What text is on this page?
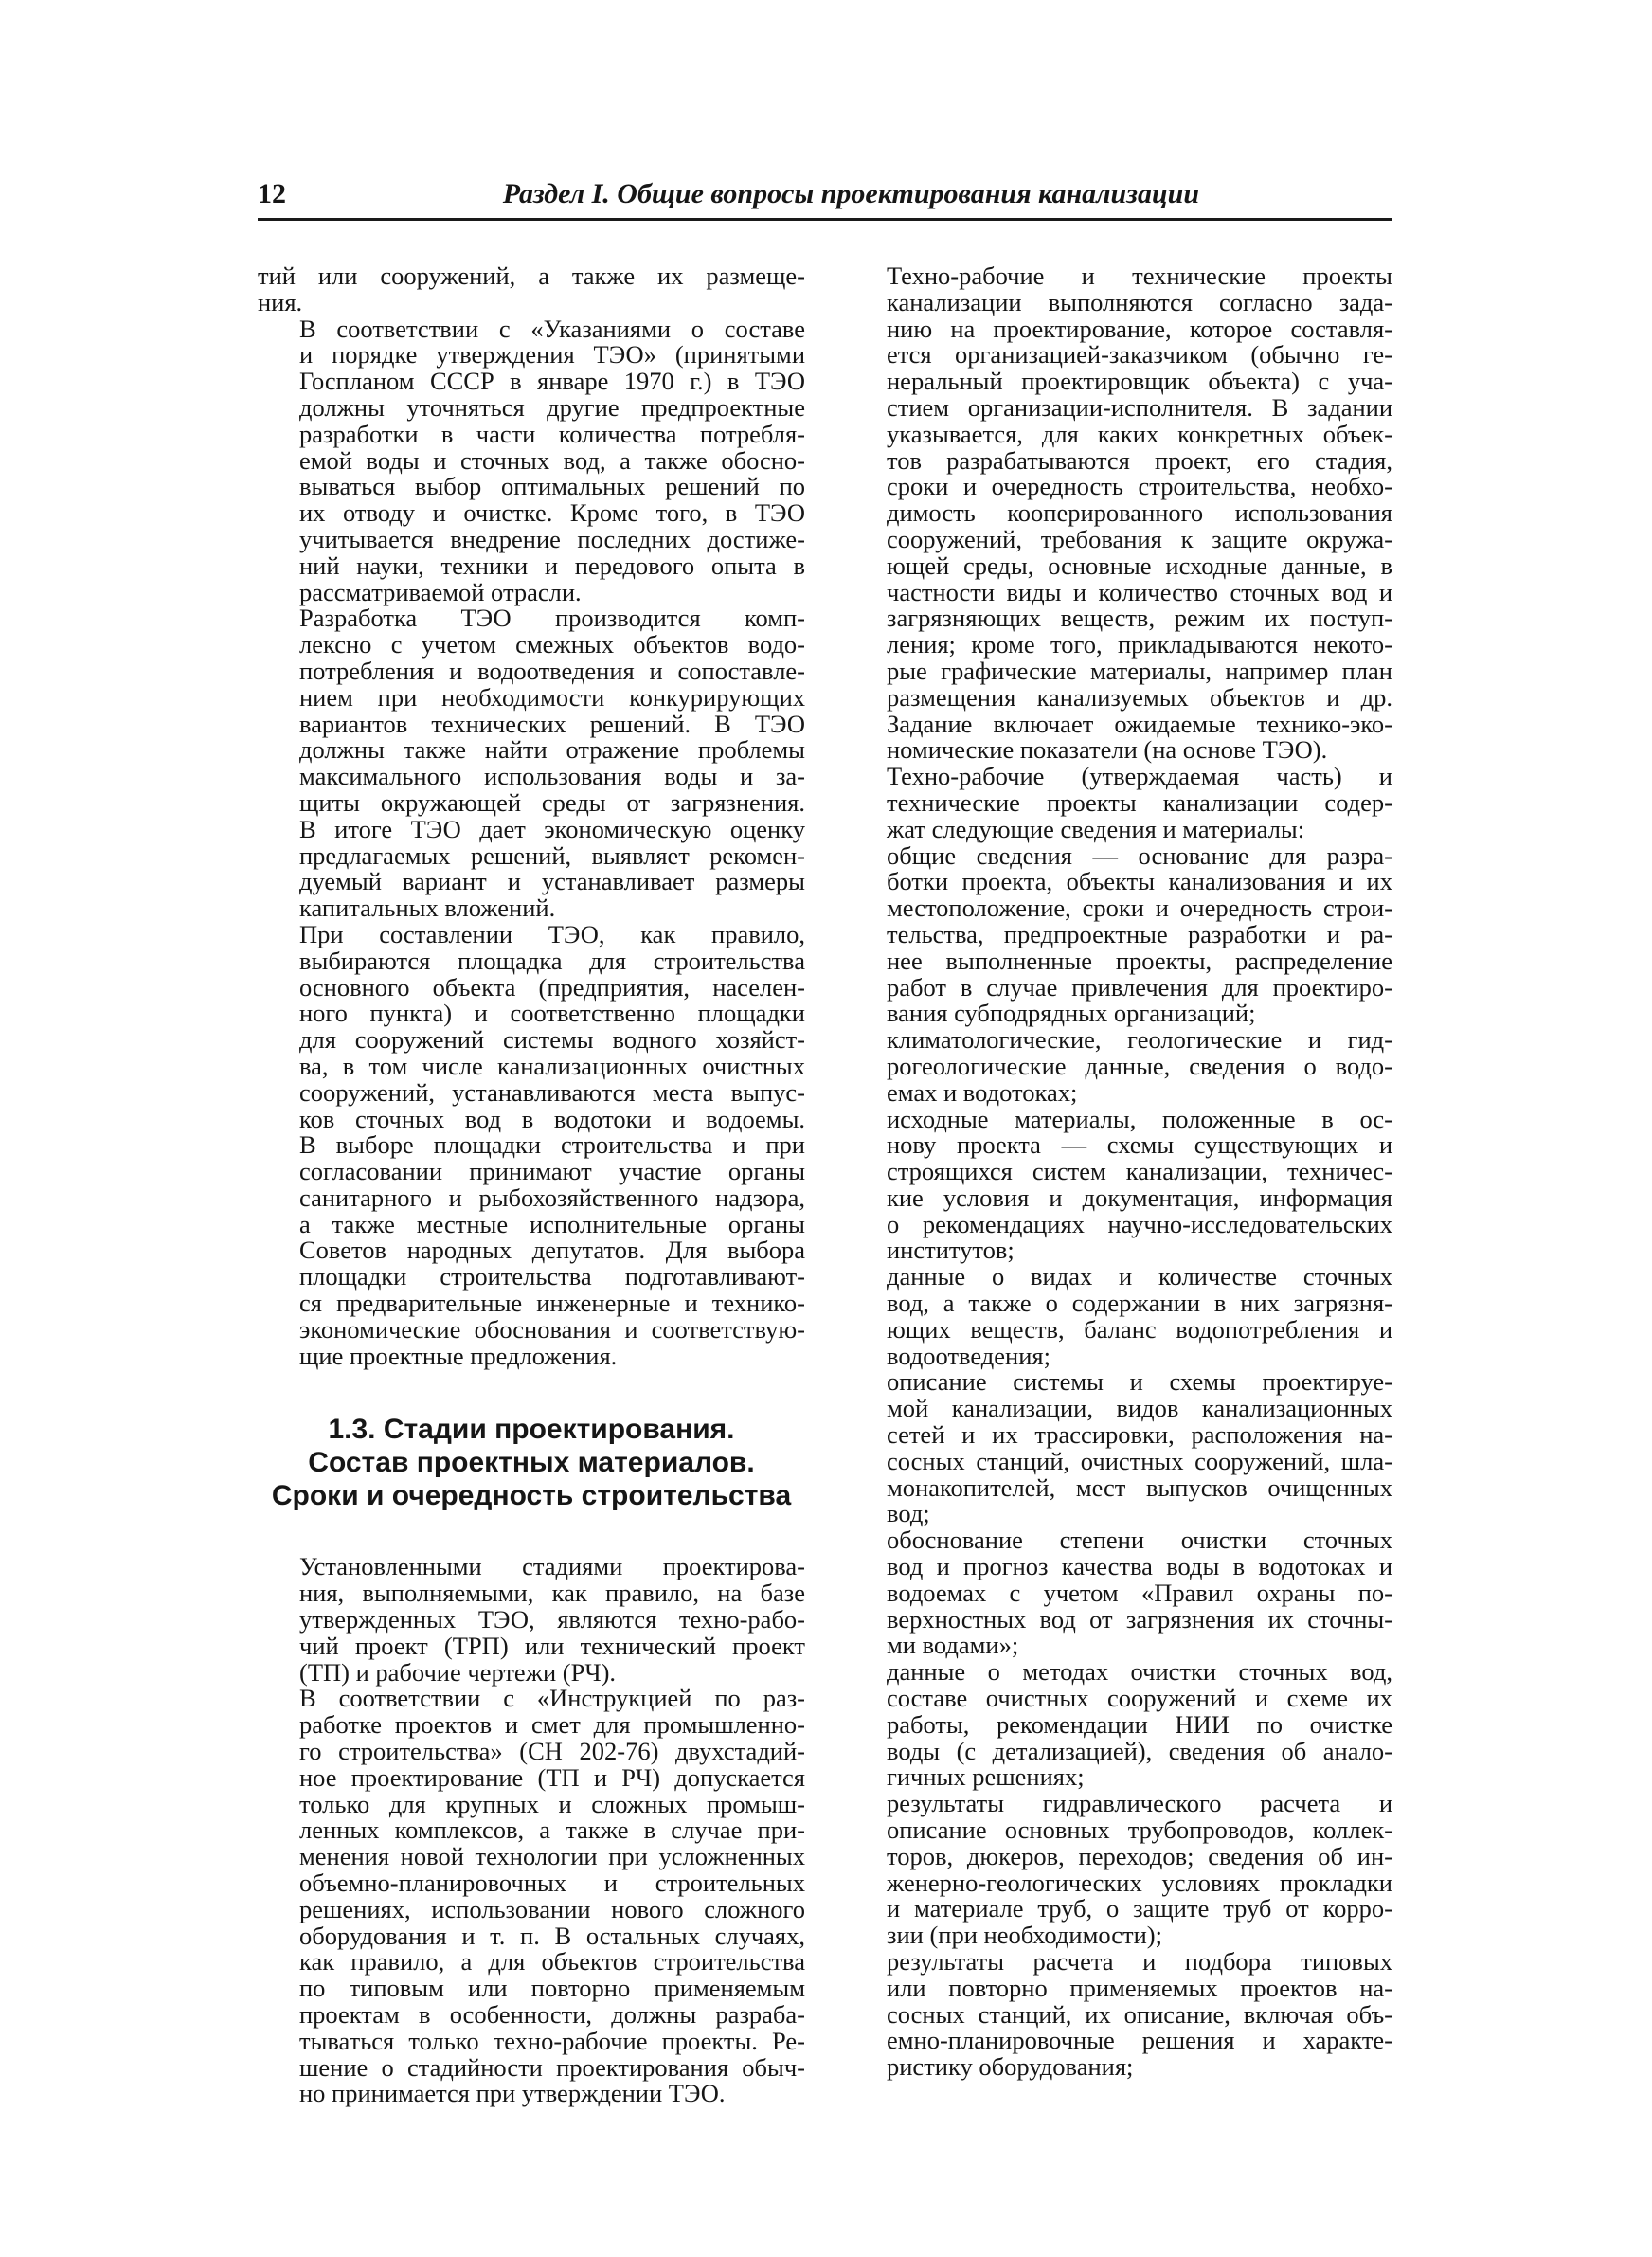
12	Раздел I. Общие вопросы проектирования канализации

тий или сооружений, а также их размеще-
ния.

В соответствии с «Указаниями о составе
и порядке утверждения ТЭО» (принятыми
Госпланом СССР в январе 1970 г.) в ТЭО
должны уточняться другие предпроектные
разработки в части количества потребля-
емой воды и сточных вод, а также обосно-
вываться выбор оптимальных решений по
их отводу и очистке. Кроме того, в ТЭО
учитывается внедрение последних достиже-
ний науки, техники и передового опыта в
рассматриваемой отрасли.

Разработка ТЭО производится комп-
лексно с учетом смежных объектов водо-
потребления и водоотведения и сопоставле-
нием при необходимости конкурирующих
вариантов технических решений. В ТЭО
должны также найти отражение проблемы
максимального использования воды и за-
щиты окружающей среды от загрязнения.
В итоге ТЭО дает экономическую оценку
предлагаемых решений, выявляет рекомен-
дуемый вариант и устанавливает размеры
капитальных вложений.

При составлении ТЭО, как правило,
выбираются площадка для строительства
основного объекта (предприятия, населен-
ного пункта) и соответственно площадки
для сооружений системы водного хозяйст-
ва, в том числе канализационных очистных
сооружений, устанавливаются места выпус-
ков сточных вод в водотоки и водоемы.
В выборе площадки строительства и при
согласовании принимают участие органы
санитарного и рыбохозяйственного надзора,
а также местные исполнительные органы
Советов народных депутатов. Для выбора
площадки строительства подготавливают-
ся предварительные инженерные и технико-
экономические обоснования и соответствую-
щие проектные предложения.

1.3. Стадии проектирования.
Состав проектных материалов.
Сроки и очередность строительства

Установленными стадиями проектирова-
ния, выполняемыми, как правило, на базе
утвержденных ТЭО, являются техно-рабо-
чий проект (ТРП) или технический проект
(ТП) и рабочие чертежи (РЧ).

В соответствии с «Инструкцией по раз-
работке проектов и смет для промышленно-
го строительства» (СН 202-76) двухстадий-
ное проектирование (ТП и РЧ) допускается
только для крупных и сложных промыш-
ленных комплексов, а также в случае при-
менения новой технологии при усложненных
объемно-планировочных и строительных
решениях, использовании нового сложного
оборудования и т. п. В остальных случаях,
как правило, а для объектов строительства
по типовым или повторно применяемым
проектам в особенности, должны разраба-
тываться только техно-рабочие проекты. Ре-
шение о стадийности проектирования обыч-
но принимается при утверждении ТЭО.

Техно-рабочие и технические проекты
канализации выполняются согласно зада-
нию на проектирование, которое составля-
ется организацией-заказчиком (обычно ге-
неральный проектировщик объекта) с уча-
стием организации-исполнителя. В задании
указывается, для каких конкретных объек-
тов разрабатываются проект, его стадия,
сроки и очередность строительства, необхо-
димость кооперированного использования
сооружений, требования к защите окружа-
ющей среды, основные исходные данные, в
частности виды и количество сточных вод и
загрязняющих веществ, режим их поступ-
ления; кроме того, прикладываются некото-
рые графические материалы, например план
размещения канализуемых объектов и др.
Задание включает ожидаемые технико-эко-
номические показатели (на основе ТЭО).

Техно-рабочие (утверждаемая часть) и
технические проекты канализации содер-
жат следующие сведения и материалы:

общие сведения — основание для разра-
ботки проекта, объекты канализования и их
местоположение, сроки и очередность строи-
тельства, предпроектные разработки и ра-
нее выполненные проекты, распределение
работ в случае привлечения для проектиро-
вания субподрядных организаций;

климатологические, геологические и гид-
рогеологические данные, сведения о водо-
емах и водотоках;

исходные материалы, положенные в ос-
нову проекта — схемы существующих и
строящихся систем канализации, техничес-
кие условия и документация, информация
о рекомендациях научно-исследовательских
институтов;

данные о видах и количестве сточных
вод, а также о содержании в них загрязня-
ющих веществ, баланс водопотребления и
водоотведения;

описание системы и схемы проектируе-
мой канализации, видов канализационных
сетей и их трассировки, расположения на-
сосных станций, очистных сооружений, шла-
монакопителей, мест выпусков очищенных
вод;

обоснование степени очистки сточных
вод и прогноз качества воды в водотоках и
водоемах с учетом «Правил охраны по-
верхностных вод от загрязнения их сточны-
ми водами»;

данные о методах очистки сточных вод,
составе очистных сооружений и схеме их
работы, рекомендации НИИ по очистке
воды (с детализацией), сведения об анало-
гичных решениях;

результаты гидравлического расчета и
описание основных трубопроводов, коллек-
торов, дюкеров, переходов; сведения об ин-
женерно-геологических условиях прокладки
и материале труб, о защите труб от корро-
зии (при необходимости);

результаты расчета и подбора типовых
или повторно применяемых проектов на-
сосных станций, их описание, включая объ-
емно-планировочные решения и характе-
ристику оборудования;
